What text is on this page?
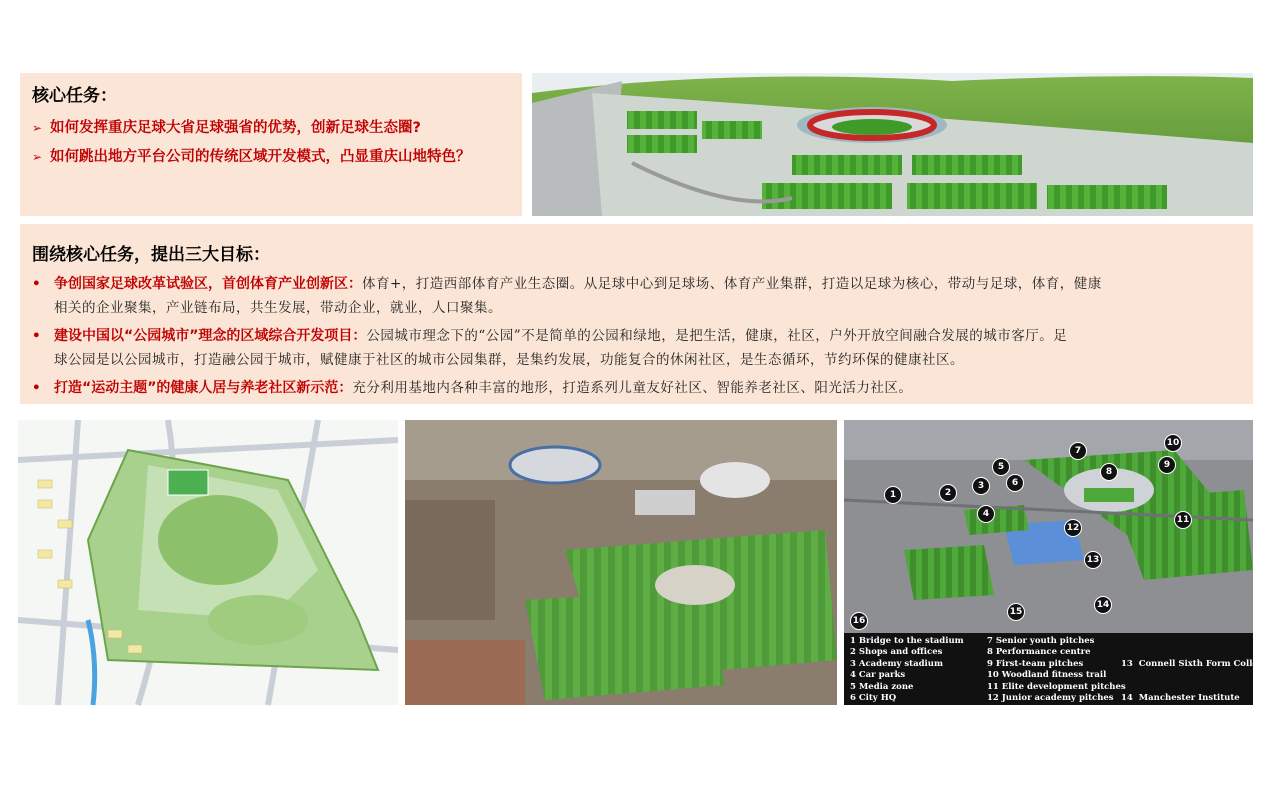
核心任务：
➢ 如何发挥重庆足球大省足球强省的优势，创新足球生态圈?
➢ 如何跳出地方平台公司的传统区域开发模式，凸显重庆山地特色？
围绕核心任务，提出三大目标：
• 争创国家足球改革试验区，首创体育产业创新区：体育+，打造西部体育产业生态圈。从足球中心到足球场、体育产业集群，打造以足球为核心，带动与足球，体育，健康
相关的企业聚集，产业链布局，共生发展，带动企业，就业，人口聚集。
• 建设中国以“公园城市”理念的区域综合开发项目：公园城市理念下的“公园”不是简单的公园和绿地，是把生活，健康，社区，户外开放空间融合发展的城市客厅。足
球公园是以公园城市，打造融公园于城市，赋健康于社区的城市公园集群，是集约发展，功能复合的休闲社区，是生态循环，节约环保的健康社区。
• 打造“运动主题”的健康人居与养老社区新示范：充分利用基地内各种丰富的地形，打造系列儿童友好社区、智能养老社区、阳光活力社区。
1	2
3
4
5
6
7
8
9
10
11
12
13
14
15
16
1 Bridge to the stadium
2 Shops and offices
3 Academy stadium
4 Car parks
5 Media zone
6 City HQ
7 Senior youth pitches
8 Performance centre
9 First-team pitches
10 Woodland fitness trail
11 Elite development pitches
12 Junior academy pitches

13  Connell Sixth Form College

14  Manchester Institute

of Health & Performance

15  East Manchester Academy
